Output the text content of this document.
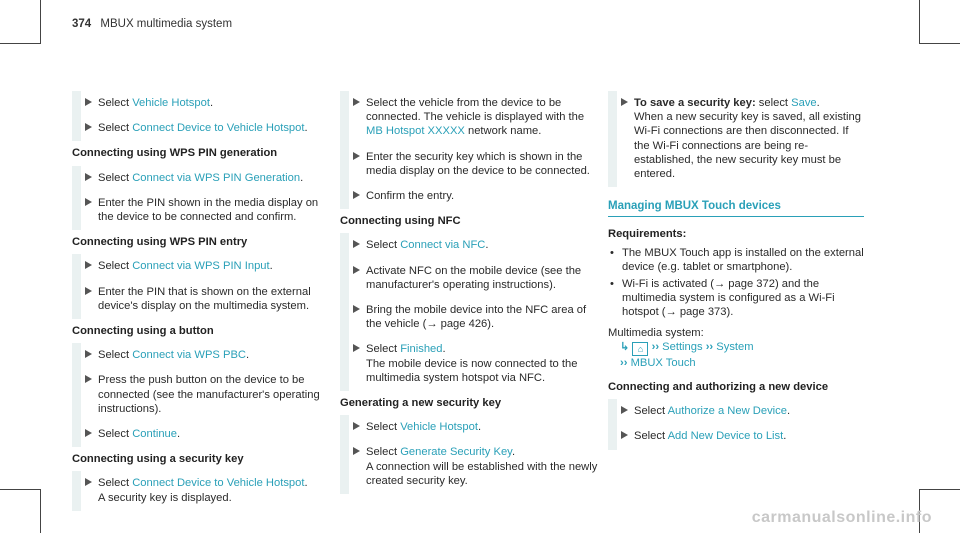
374 MBUX multimedia system
Select Vehicle Hotspot.
Select Connect Device to Vehicle Hotspot.
Connecting using WPS PIN generation
Select Connect via WPS PIN Generation.
Enter the PIN shown in the media display on the device to be connected and confirm.
Connecting using WPS PIN entry
Select Connect via WPS PIN Input.
Enter the PIN that is shown on the external device's display on the multimedia system.
Connecting using a button
Select Connect via WPS PBC.
Press the push button on the device to be connected (see the manufacturer's operating instructions).
Select Continue.
Connecting using a security key
Select Connect Device to Vehicle Hotspot.
A security key is displayed.
Select the vehicle from the device to be connected. The vehicle is displayed with the MB Hotspot XXXXX network name.
Enter the security key which is shown in the media display on the device to be connected.
Confirm the entry.
Connecting using NFC
Select Connect via NFC.
Activate NFC on the mobile device (see the manufacturer's operating instructions).
Bring the mobile device into the NFC area of the vehicle (→ page 426).
Select Finished.
The mobile device is now connected to the multimedia system hotspot via NFC.
Generating a new security key
Select Vehicle Hotspot.
Select Generate Security Key.
A connection will be established with the newly created security key.
To save a security key: select Save.
When a new security key is saved, all existing Wi-Fi connections are then disconnected. If the Wi-Fi connections are being re-established, the new security key must be entered.
Managing MBUX Touch devices
Requirements:
• The MBUX Touch app is installed on the external device (e.g. tablet or smartphone).
• Wi-Fi is activated (→ page 372) and the multimedia system is configured as a Wi-Fi hotspot (→ page 373).
Multimedia system:
↳ ⌂ ›› Settings ›› System
›› MBUX Touch
Connecting and authorizing a new device
Select Authorize a New Device.
Select Add New Device to List.
carmanualsonline.info
